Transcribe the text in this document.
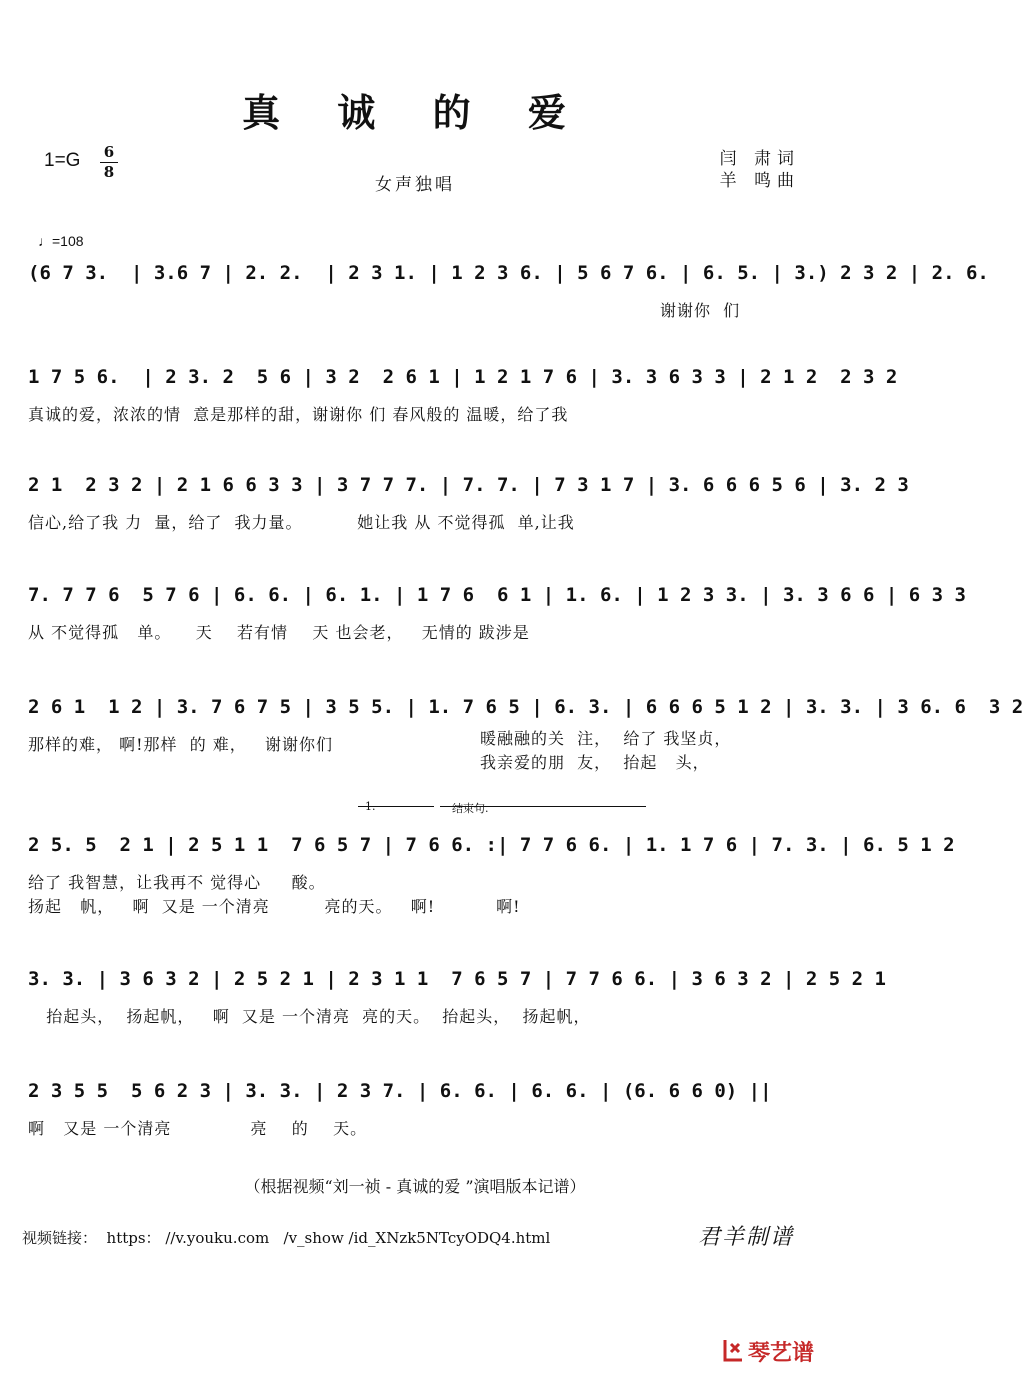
真 诚 的 爱
1=G 6
8
女声独唱
闫 肃词
羊 鸣曲
♩=108
(6 7 3.  | 3.6 7 | 2. 2.  | 2 3 1. | 1 2 3 6. | 5 6 7 6. | 6. 5. | 3.) 2 3 2 | 2. 6.
谢谢你  们
1 7 5 6.  | 2 3. 2  5 6 | 3 2  2 6 1 | 1 2 1 7 6 | 3. 3 6 3 3 | 2 1 2  2 3 2
真诚的爱，浓浓的情  意是那样的甜，谢谢你 们 春风般的 温暖，给了我
2 1  2 3 2 | 2 1 6 6 3 3 | 3 7 7 7. | 7. 7. | 7 3 1 7 | 3. 6 6 6 5 6 | 3. 2 3
信心,给了我 力  量，给了  我力量。         她让我 从 不觉得孤  单,让我
7. 7 7 6  5 7 6 | 6. 6. | 6. 1. | 1 7 6  6 1 | 1. 6. | 1 2 3 3. | 3. 3 6 6 | 6 3 3
从 不觉得孤   单。    天    若有情    天 也会老，   无情的 跋涉是
2 6 1  1 2 | 3. 7 6 7 5 | 3 5 5. | 1. 7 6 5 | 6. 3. | 6 6 6 5 1 2 | 3. 3. | 3 6. 6  3 2
那样的难， 啊!那样  的 难，   谢谢你们	暖融融的关  注，  给了 我坚贞，
我亲爱的朋  友，  抬起   头，
2 5. 5  2 1 | 2 5 1 1  7 6 5 7 | 7 6 6. :| 7 7 6 6. | 1. 1 7 6 | 7. 3. | 6. 5 1 2
给了 我智慧，让我再不 觉得心     酸。
扬起   帆，   啊  又是 一个清亮         亮的天。   啊!          啊!
3. 3. | 3 6 3 2 | 2 5 2 1 | 2 3 1 1  7 6 5 7 | 7 7 6 6. | 3 6 3 2 | 2 5 2 1
抬起头，  扬起帆，   啊  又是 一个清亮  亮的天。  抬起头，  扬起帆，
2 3 5 5  5 6 2 3 | 3. 3. | 2 3 7. | 6. 6. | 6. 6. | (6. 6 6 0) ||
啊   又是 一个清亮             亮    的    天。
1.	结束句.
（根据视频“刘一祯 - 真诚的爱 ”演唱版本记谱）
视频链接：  https： //v.youku.com   /v_show /id_XNzk5NTcyODQ4.html	君羊制谱
琴艺谱
